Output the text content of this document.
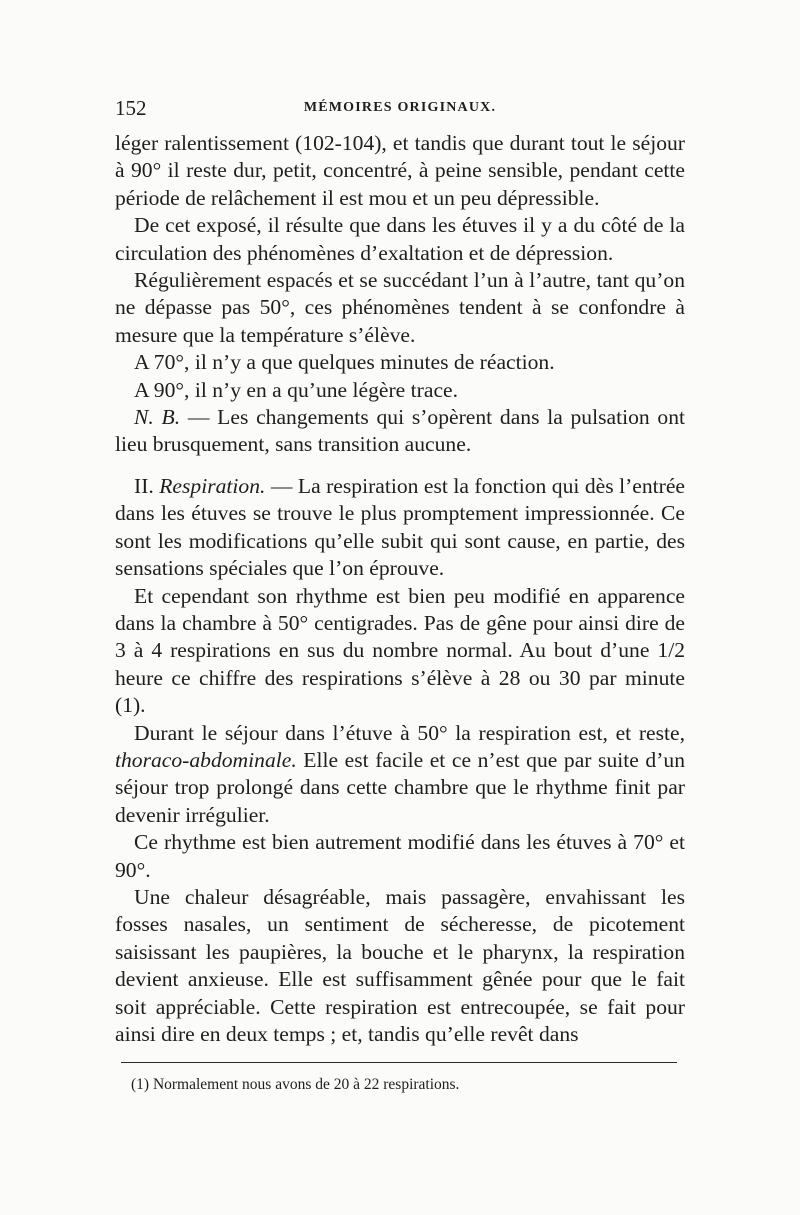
152	MÉMOIRES ORIGINAUX.

léger ralentissement (102-104), et tandis que durant tout le séjour à 90° il reste dur, petit, concentré, à peine sensible, pendant cette période de relâchement il est mou et un peu dépressible.

De cet exposé, il résulte que dans les étuves il y a du côté de la circulation des phénomènes d’exaltation et de dépression.

Régulièrement espacés et se succédant l’un à l’autre, tant qu’on ne dépasse pas 50°, ces phénomènes tendent à se confondre à mesure que la température s’élève.

A 70°, il n’y a que quelques minutes de réaction.

A 90°, il n’y en a qu’une légère trace.

N. B. — Les changements qui s’opèrent dans la pulsation ont lieu brusquement, sans transition aucune.

II. Respiration. — La respiration est la fonction qui dès l’entrée dans les étuves se trouve le plus promptement impressionnée. Ce sont les modifications qu’elle subit qui sont cause, en partie, des sensations spéciales que l’on éprouve.

Et cependant son rhythme est bien peu modifié en apparence dans la chambre à 50° centigrades. Pas de gêne pour ainsi dire de 3 à 4 respirations en sus du nombre normal. Au bout d’une 1/2 heure ce chiffre des respirations s’élève à 28 ou 30 par minute (1).

Durant le séjour dans l’étuve à 50° la respiration est, et reste, thoraco-abdominale. Elle est facile et ce n’est que par suite d’un séjour trop prolongé dans cette chambre que le rhythme finit par devenir irrégulier.

Ce rhythme est bien autrement modifié dans les étuves à 70° et 90°.

Une chaleur désagréable, mais passagère, envahissant les fosses nasales, un sentiment de sécheresse, de picotement saisissant les paupières, la bouche et le pharynx, la respiration devient anxieuse. Elle est suffisamment gênée pour que le fait soit appréciable. Cette respiration est entrecoupée, se fait pour ainsi dire en deux temps ; et, tandis qu’elle revêt dans

(1) Normalement nous avons de 20 à 22 respirations.
